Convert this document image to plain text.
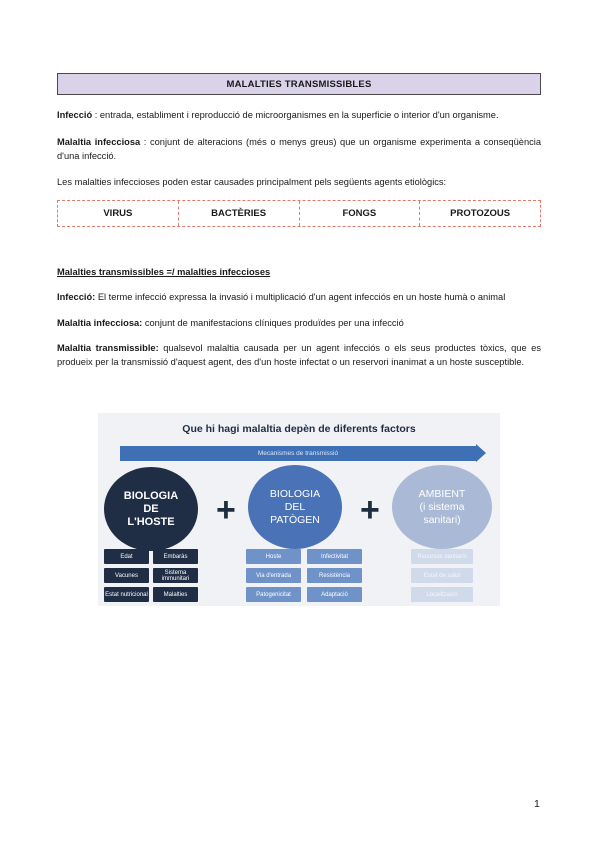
MALALTIES TRANSMISSIBLES
Infecció : entrada, establiment i reproducció de microorganismes en la superficie o interior d'un organisme.
Malaltia infecciosa : conjunt de alteracions (més o menys greus) que un organisme experimenta a conseqüència d'una infecció.
Les malalties infeccioses poden estar causades principalment pels següents agents etiològics:
VIRUS	BACTÈRIES	FONGS	PROTOZOUS
Malalties transmissibles =/ malalties infeccioses
Infecció: El terme infecció expressa la invasió i multiplicació d'un agent infecciós en un hoste humà o animal
Malaltia infecciosa: conjunt de manifestacions clíniques produïdes per una infecció
Malaltia transmissible: qualsevol malaltia causada per un agent infecciós o els seus productes tòxics, que es produeix per la transmissió d'aquest agent, des d'un hoste infectat o un reservori inanimat a un hoste susceptible.
Que hi hagi malaltia depèn de diferents factors
Mecanismes de transmissió
BIOLOGIA
DE
L'HOSTE	+	BIOLOGIA
DEL
PATÒGEN	+	AMBIENT
(i sistema
sanitari)
Edat	Embaràs
Vacunes	Sistema immunitari
Estat nutricional	Malalties
Hoste	Infectivitat
Via d'entrada	Resistència
Patogenicitat	Adaptació
Recursos sanitaris
Estat de salut
Localització
1
